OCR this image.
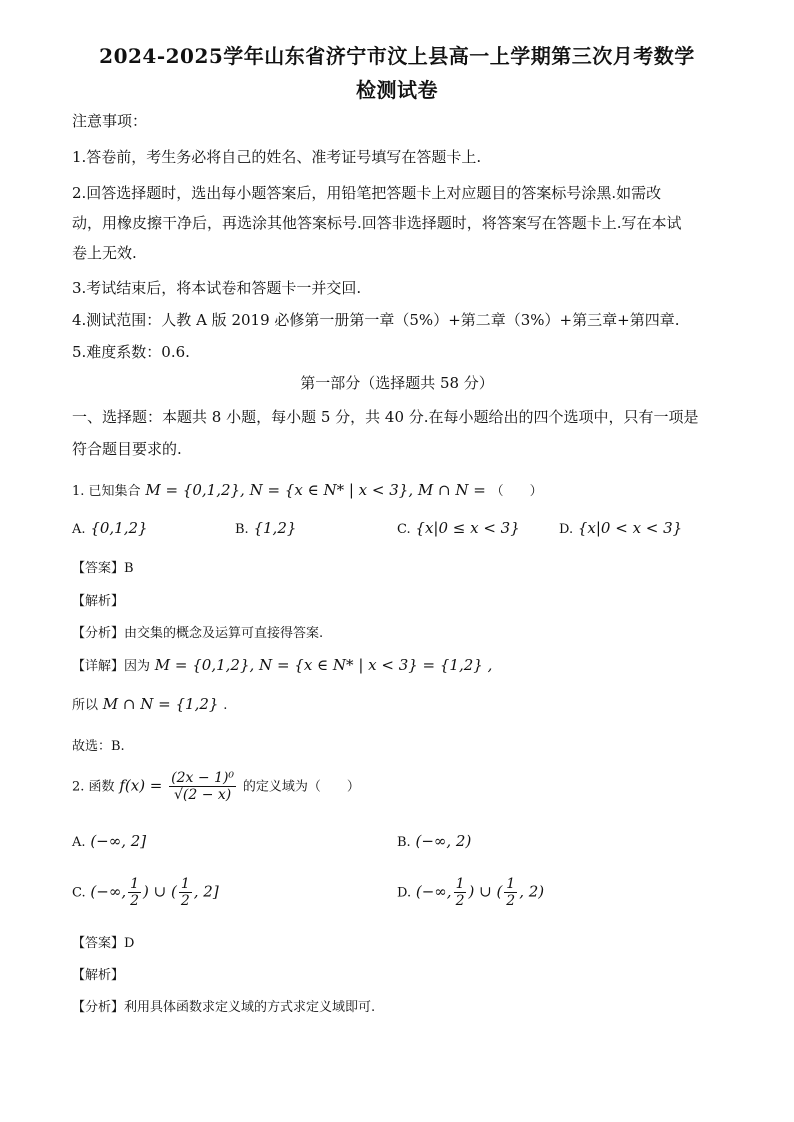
2024-2025学年山东省济宁市汶上县高一上学期第三次月考数学
检测试卷
注意事项：
1.答卷前，考生务必将自己的姓名、准考证号填写在答题卡上.
2.回答选择题时，选出每小题答案后，用铅笔把答题卡上对应题目的答案标号涂黑.如需改
动，用橡皮擦干净后，再选涂其他答案标号.回答非选择题时，将答案写在答题卡上.写在本试
卷上无效.
3.考试结束后，将本试卷和答题卡一并交回.
4.测试范围：人教 A 版 2019 必修第一册第一章（5%）+第二章（3%）+第三章+第四章.
5.难度系数：0.6.
第一部分（选择题共 58 分）
一、选择题：本题共 8 小题，每小题 5 分，共 40 分.在每小题给出的四个选项中，只有一项是
符合题目要求的.
1. 已知集合 M = {0,1,2}, N = {x ∈ N* | x < 3}, M ∩ N = （　　）
A. {0,1,2}	B. {1,2}	C. {x|0 ≤ x < 3}	D. {x|0 < x < 3}
【答案】B
【解析】
【分析】由交集的概念及运算可直接得答案.
【详解】因为 M = {0,1,2}, N = {x ∈ N* | x < 3} = {1,2} ,
所以 M ∩ N = {1,2} .
故选：B.
2. 函数 $f(x) = \frac{\text{(2x − 1)⁰}}{√(2 - x)}$ 的定义域为（　　）
A. (−∞, 2]	B. (−∞, 2)
C. (−∞, $\frac{1}{2}$ ) ∪ ( $\frac{1}{2}$ , 2]	D. (−∞, $\frac{1}{2}$ ) ∪ ( $\frac{1}{2}$ , 2)
【答案】D
【解析】
【分析】利用具体函数求定义域的方式求定义域即可.
